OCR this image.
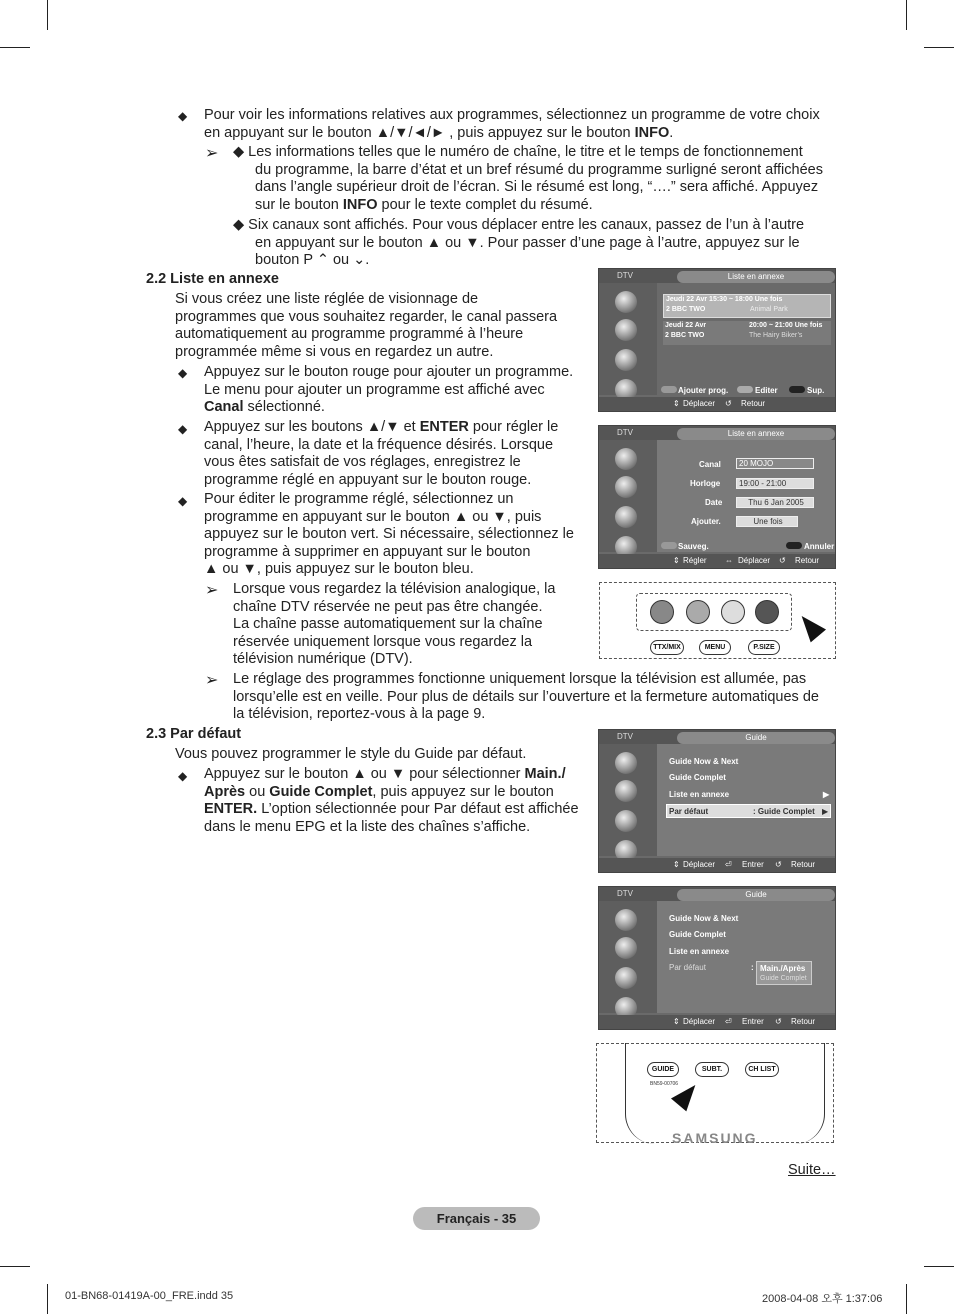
◆ Pour voir les informations relatives aux programmes, sélectionnez un programme de votre choix
en appuyant sur le bouton ▲/▼/◄/► , puis appuyez sur le bouton INFO.
➢ ◆ Les informations telles que le numéro de chaîne, le titre et le temps de fonctionnement
du programme, la barre d’état et un bref résumé du programme surligné seront affichées
dans l’angle supérieur droit de l’écran. Si le résumé est long, “….” sera affiché. Appuyez
sur le bouton INFO pour le texte complet du résumé.
◆ Six canaux sont affichés. Pour vous déplacer entre les canaux, passez de l’un à l’autre
en appuyant sur le bouton ▲ ou ▼. Pour passer d’une page à l’autre, appuyez sur le
bouton P ⌃ ou ⌄.
2.2 Liste en annexe
Si vous créez une liste réglée de visionnage de
programmes que vous souhaitez regarder, le canal passera
automatiquement au programme programmé à l’heure
programmée même si vous en regardez un autre.
◆ Appuyez sur le bouton rouge pour ajouter un programme.
Le menu pour ajouter un programme est affiché avec
Canal sélectionné.
◆ Appuyez sur les boutons ▲/▼ et ENTER pour régler le
canal, l’heure, la date et la fréquence désirés. Lorsque
vous êtes satisfait de vos réglages, enregistrez le
programme réglé en appuyant sur le bouton rouge.
◆ Pour éditer le programme réglé, sélectionnez un
programme en appuyant sur le bouton ▲ ou ▼, puis
appuyez sur le bouton vert. Si nécessaire, sélectionnez le
programme à supprimer en appuyant sur le bouton
▲ ou ▼, puis appuyez sur le bouton bleu.
➢ Lorsque vous regardez la télévision analogique, la
chaîne DTV réservée ne peut pas être changée.
La chaîne passe automatiquement sur la chaîne
réservée uniquement lorsque vous regardez la
télévision numérique (DTV).
➢ Le réglage des programmes fonctionne uniquement lorsque la télévision est allumée, pas
lorsqu’elle est en veille. Pour plus de détails sur l’ouverture et la fermeture automatiques de
la télévision, reportez-vous à la page 9.
2.3 Par défaut
Vous pouvez programmer le style du Guide par défaut.
◆ Appuyez sur le bouton ▲ ou ▼ pour sélectionner Main./
Après ou Guide Complet, puis appuyez sur le bouton
ENTER. L’option sélectionnée pour Par défaut est affichée
dans le menu EPG et la liste des chaînes s’affiche.
DTV	Liste en annexe
Jeudi 22 Avr 15:30 ~ 18:00 Une fois
2 BBC TWO	Animal Park
Jeudi 22 Avr	20:00 ~ 21:00 Une fois
2 BBC TWO	The Hairy Biker’s
Ajouter prog.	Editer	Sup.
⇕ Déplacer ↺ Retour
DTV	Liste en annexe
Canal	20 MOJO
Horloge	19:00 - 21:00
Date	Thu 6 Jan 2005
Ajouter.	Une fois
Sauveg.	Annuler
⇕ Régler ⇔ Déplacer ↺ Retour
TTX/MIX	MENU	P.SIZE
DTV	Guide
Guide Now & Next
Guide Complet
Liste en annexe	▶
Par défaut	: Guide Complet ▶
⇕ Déplacer ⏎ Entrer ↺ Retour
DTV	Guide
Guide Now & Next
Guide Complet
Liste en annexe
Par défaut	: Main./Après
Guide Complet
⇕ Déplacer ⏎ Entrer ↺ Retour
GUIDE	SUBT.	CH LIST
BN59-00706
SAMSUNG
Suite…
Français - 35
01-BN68-01419A-00_FRE.indd 35	2008-04-08 오후 1:37:06
